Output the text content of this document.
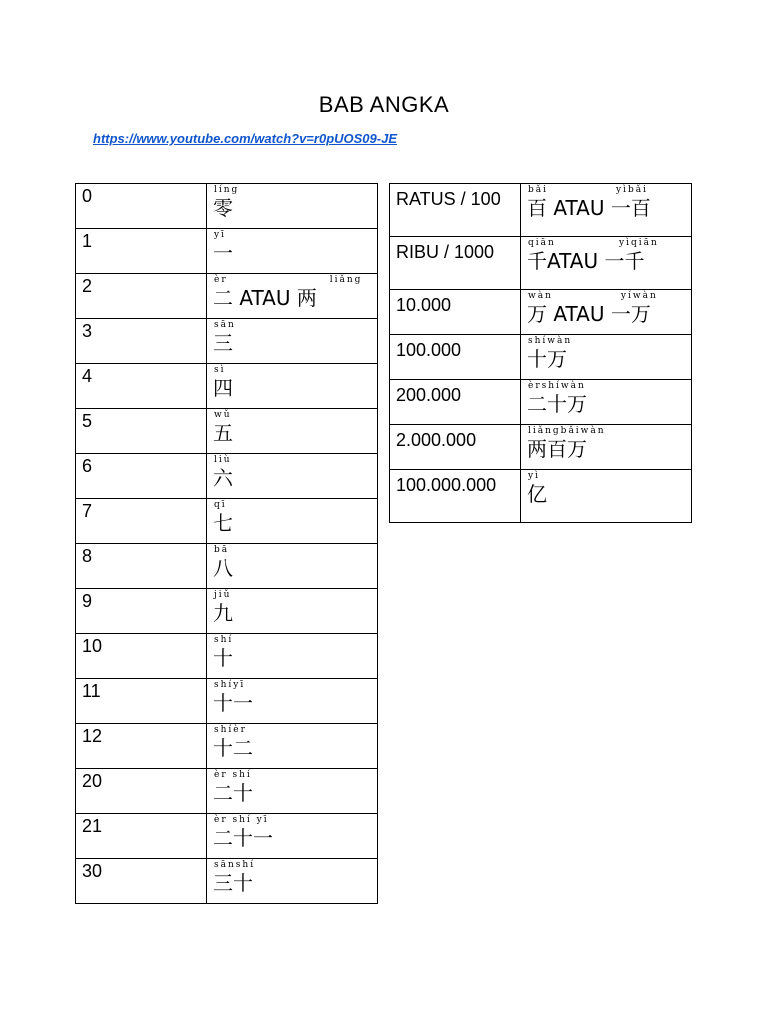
BAB ANGKA
https://www.youtube.com/watch?v=r0pUOS09-JE
0	líng
零

1	yī
一

2	èr                     liǎng
二 ATAU 两

3	sān
三

4	sì
四

5	wǔ
五

6	liù
六

7	qī
七

8	bā
八

9	jiǔ
九

10	shí
十

11	shíyī
十一

12	shíèr
十二

20	èr shí
二十

21	èr shí yī
二十一

30	sānshí
三十
RATUS / 100	bǎi              yìbǎi
百 ATAU 一百

RIBU / 1000	qiān             yìqiān
千ATAU 一千

10.000	wàn              yíwàn
万 ATAU 一万

100.000	shíwàn
十万

200.000	èrshíwàn
二十万

2.000.000	liǎngbǎiwàn
两百万

100.000.000	yì
亿
